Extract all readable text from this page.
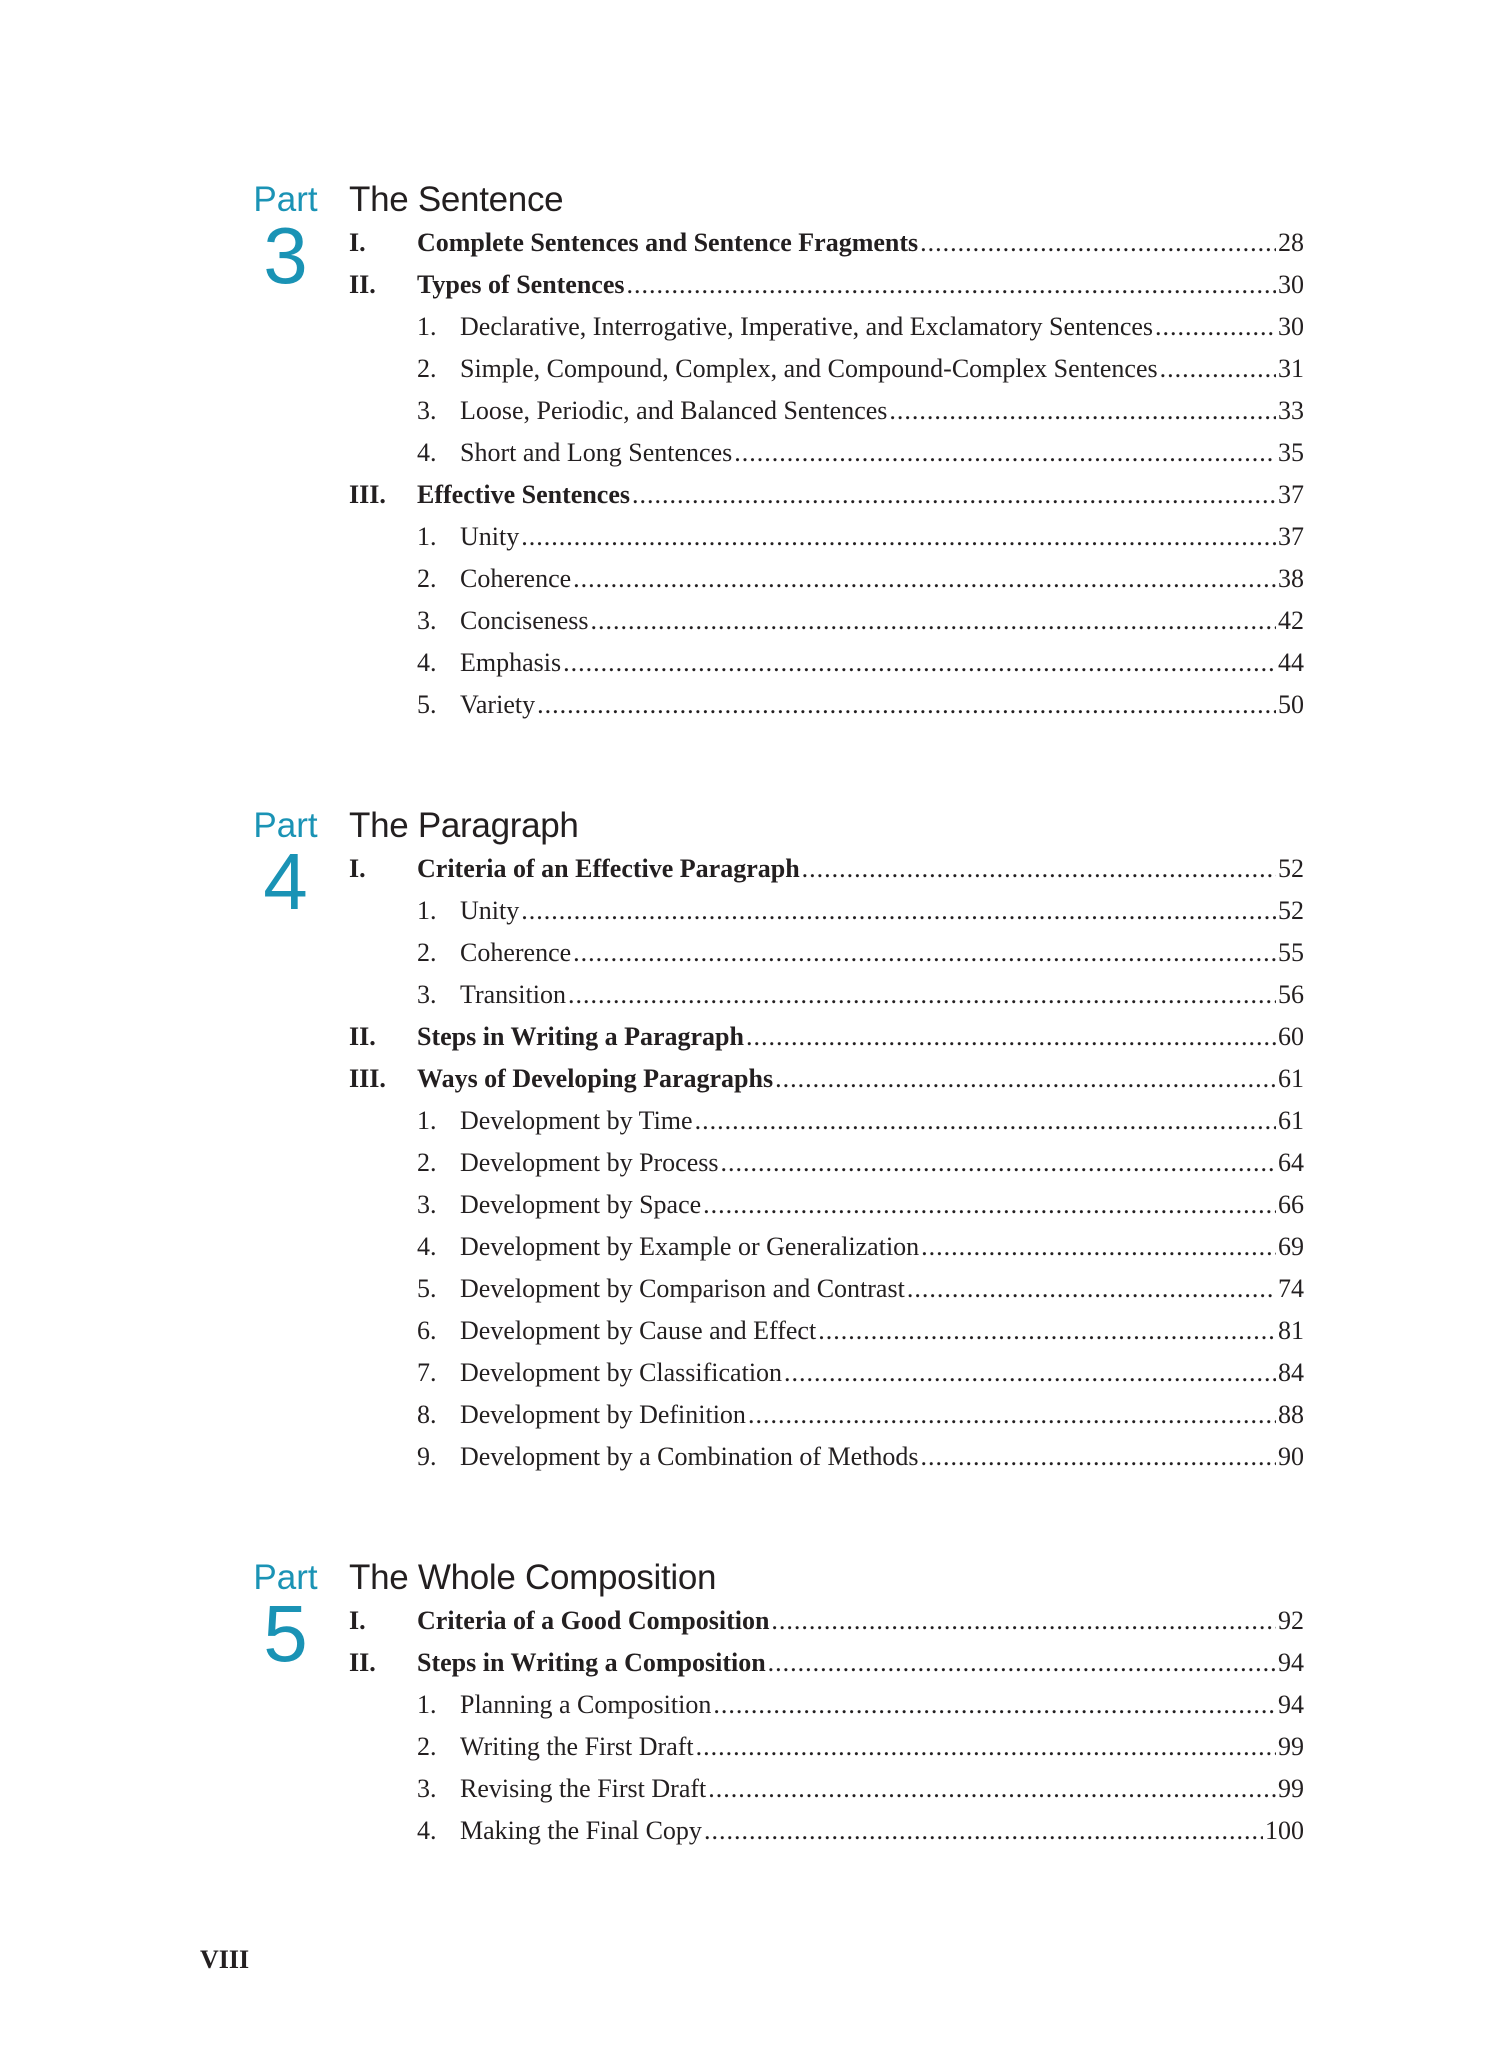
Part
3
The Sentence
I.	Complete Sentences and Sentence Fragments .....	28
II.	Types of Sentences .....	30
1. Declarative, Interrogative, Imperative, and Exclamatory Sentences .....	30
2. Simple, Compound, Complex, and Compound-Complex Sentences .....	31
3. Loose, Periodic, and Balanced Sentences .....	33
4. Short and Long Sentences .....	35
III.	Effective Sentences .....	37
1. Unity .....	37
2. Coherence .....	38
3. Conciseness .....	42
4. Emphasis .....	44
5. Variety .....	50
Part
4
The Paragraph
I.	Criteria of an Effective Paragraph .....	52
1. Unity .....	52
2. Coherence .....	55
3. Transition .....	56
II.	Steps in Writing a Paragraph .....	60
III.	Ways of Developing Paragraphs .....	61
1. Development by Time .....	61
2. Development by Process .....	64
3. Development by Space .....	66
4. Development by Example or Generalization .....	69
5. Development by Comparison and Contrast .....	74
6. Development by Cause and Effect .....	81
7. Development by Classification .....	84
8. Development by Definition .....	88
9. Development by a Combination of Methods .....	90
Part
5
The Whole Composition
I.	Criteria of a Good Composition .....	92
II.	Steps in Writing a Composition .....	94
1. Planning a Composition .....	94
2. Writing the First Draft .....	99
3. Revising the First Draft .....	99
4. Making the Final Copy .....	100
VIII
